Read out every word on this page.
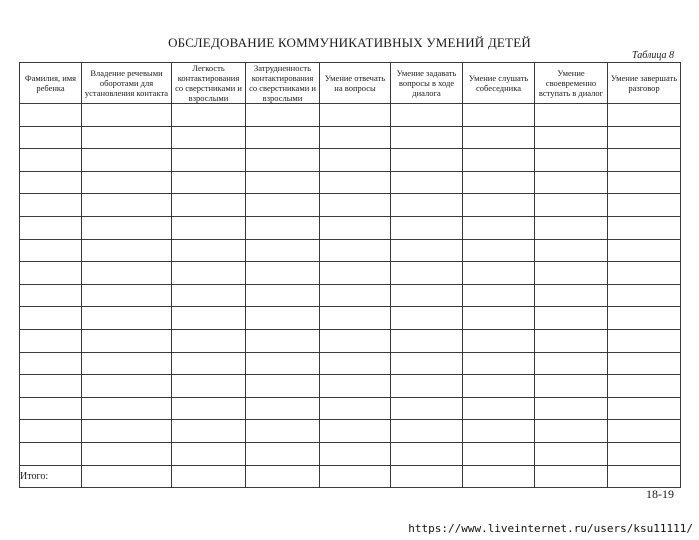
ОБСЛЕДОВАНИЕ КОММУНИКАТИВНЫХ УМЕНИЙ ДЕТЕЙ
Таблица 8
Фамилия, имя ребенка	Владение речевыми оборотами для установления контакта	Легкость контактирования со сверстниками и взрослыми	Затрудненность контактирования со сверстниками и взрослыми	Умение отвечать на вопросы	Умение задавать вопросы в ходе диалога	Умение слушать собеседника	Умение своевременно вступать в диалог	Умение завершать разговор

Итого:								
18-19
https://www.liveinternet.ru/users/ksu11111/
